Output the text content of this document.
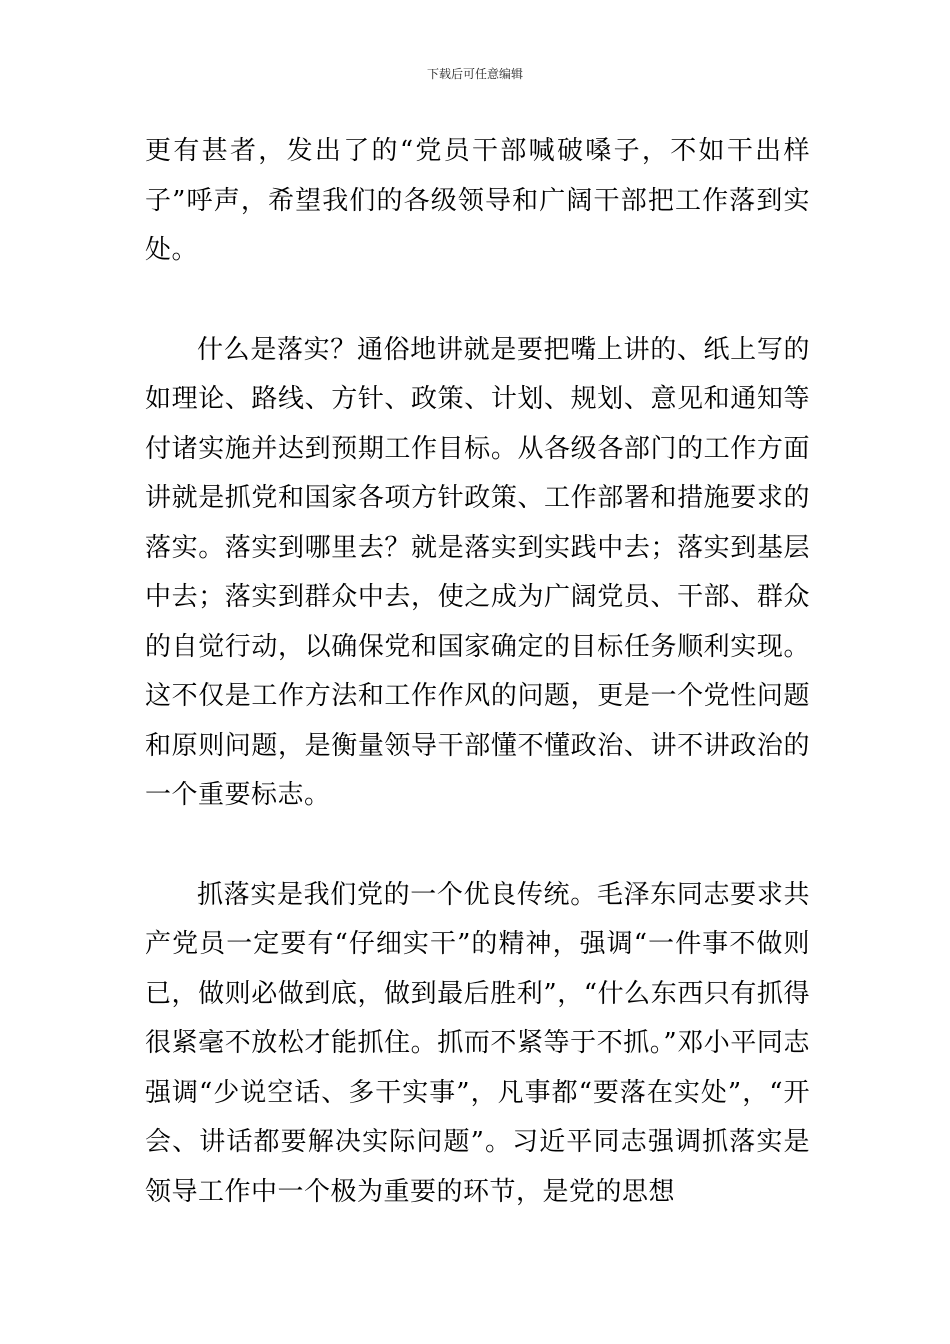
下载后可任意编辑

更有甚者，发出了的“党员干部喊破嗓子，不如干出样子”呼声，希望我们的各级领导和广阔干部把工作落到实处。

什么是落实？通俗地讲就是要把嘴上讲的、纸上写的如理论、路线、方针、政策、计划、规划、意见和通知等付诸实施并达到预期工作目标。从各级各部门的工作方面讲就是抓党和国家各项方针政策、工作部署和措施要求的落实。落实到哪里去？就是落实到实践中去；落实到基层中去；落实到群众中去，使之成为广阔党员、干部、群众的自觉行动，以确保党和国家确定的目标任务顺利实现。这不仅是工作方法和工作作风的问题，更是一个党性问题和原则问题，是衡量领导干部懂不懂政治、讲不讲政治的一个重要标志。

抓落实是我们党的一个优良传统。毛泽东同志要求共产党员一定要有“仔细实干”的精神，强调“一件事不做则已，做则必做到底，做到最后胜利”，“什么东西只有抓得很紧毫不放松才能抓住。抓而不紧等于不抓。”邓小平同志强调“少说空话、多干实事”，凡事都“要落在实处”，“开会、讲话都要解决实际问题”。习近平同志强调抓落实是领导工作中一个极为重要的环节，是党的思想
